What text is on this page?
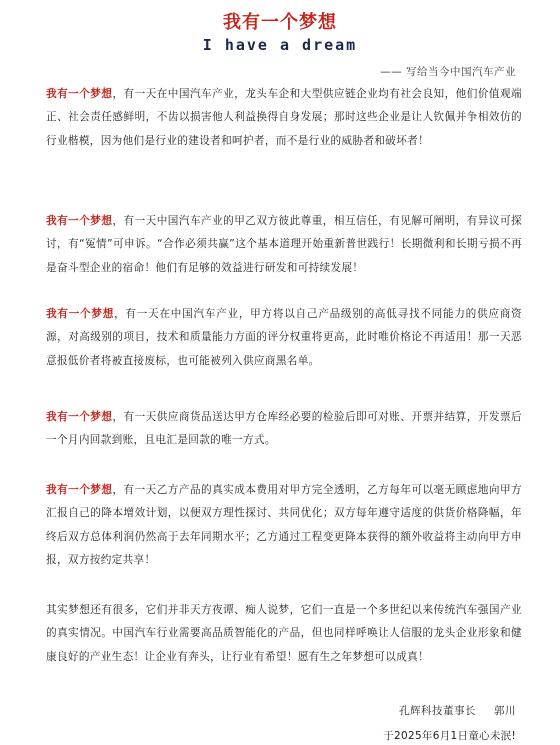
我有一个梦想
I have a dream
—— 写给当今中国汽车产业
我有一个梦想，有一天在中国汽车产业，龙头车企和大型供应链企业均有社会良知，他们价值观端正、社会责任感鲜明，不齿以损害他人利益换得自身发展；那时这些企业是让人钦佩并争相效仿的行业楷模，因为他们是行业的建设者和呵护者，而不是行业的威胁者和破坏者！
我有一个梦想，有一天中国汽车产业的甲乙双方彼此尊重，相互信任，有见解可阐明，有异议可探讨，有“冤情”可申诉。“合作必须共赢”这个基本道理开始重新普世践行！长期微利和长期亏损不再是奋斗型企业的宿命！他们有足够的效益进行研发和可持续发展！
我有一个梦想，有一天在中国汽车产业，甲方将以自己产品级别的高低寻找不同能力的供应商资源，对高级别的项目，技术和质量能力方面的评分权重将更高，此时唯价格论不再适用！那一天恶意报低价者将被直接废标，也可能被列入供应商黑名单。
我有一个梦想，有一天供应商货品送达甲方仓库经必要的检验后即可对账、开票并结算，开发票后一个月内回款到账，且电汇是回款的唯一方式。
我有一个梦想，有一天乙方产品的真实成本费用对甲方完全透明，乙方每年可以毫无顾虑地向甲方汇报自己的降本增效计划，以便双方理性探讨、共同优化；双方每年遵守适度的供货价格降幅，年终后双方总体利润仍然高于去年同期水平；乙方通过工程变更降本获得的额外收益将主动向甲方申报，双方按约定共享！
其实梦想还有很多，它们并非天方夜谭、痴人说梦，它们一直是一个多世纪以来传统汽车强国产业的真实情况。中国汽车行业需要高品质智能化的产品，但也同样呼唤让人信服的龙头企业形象和健康良好的产业生态！让企业有奔头，让行业有希望！愿有生之年梦想可以成真！
孔辉科技董事长 郭川
于2025年6月1日童心未泯!
